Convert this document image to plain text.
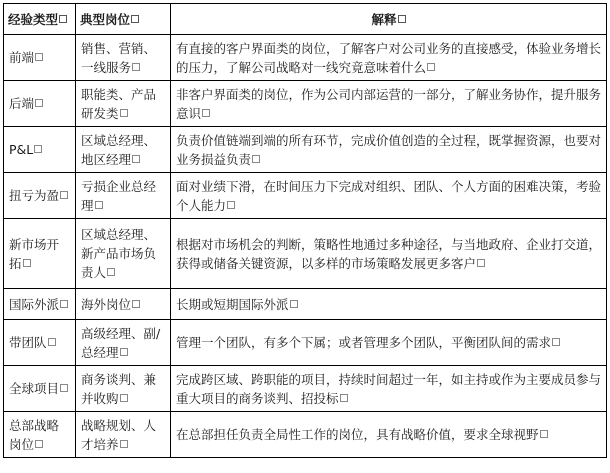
经验类型	典型岗位	解释
前端	销售、营销、一线服务	有直接的客户界面类的岗位，了解客户对公司业务的直接感受，体验业务增长的压力，了解公司战略对一线究竟意味着什么
后端	职能类、产品研发类	非客户界面类的岗位，作为公司内部运营的一部分，了解业务协作，提升服务意识
P&L	区域总经理、地区经理	负责价值链端到端的所有环节，完成价值创造的全过程，既掌握资源，也要对业务损益负责
扭亏为盈	亏损企业总经理	面对业绩下滑，在时间压力下完成对组织、团队、个人方面的困难决策，考验个人能力
新市场开拓	区域总经理、新产品市场负责人	根据对市场机会的判断，策略性地通过多种途径，与当地政府、企业打交道，获得或储备关键资源，以多样的市场策略发展更多客户
国际外派	海外岗位	长期或短期国际外派
带团队	高级经理、副/总经理	管理一个团队，有多个下属；或者管理多个团队，平衡团队间的需求
全球项目	商务谈判、兼并收购	完成跨区域、跨职能的项目，持续时间超过一年，如主持或作为主要成员参与重大项目的商务谈判、招投标
总部战略岗位	战略规划、人才培养	在总部担任负责全局性工作的岗位，具有战略价值，要求全球视野
